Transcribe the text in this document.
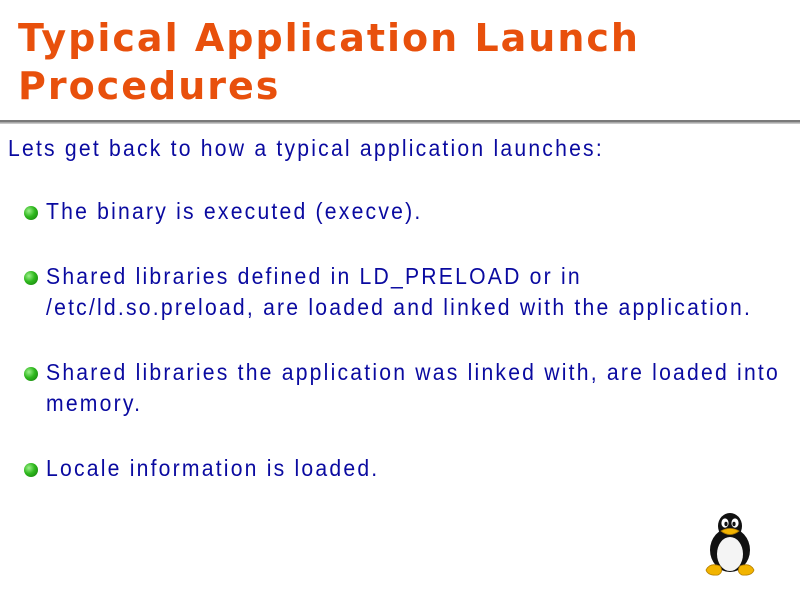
Typical Application Launch Procedures
Lets get back to how a typical application launches:
The binary is executed (execve).
Shared libraries defined in LD_PRELOAD or in /etc/ld.so.preload, are loaded and linked with the application.
Shared libraries the application was linked with, are loaded into memory.
Locale information is loaded.
